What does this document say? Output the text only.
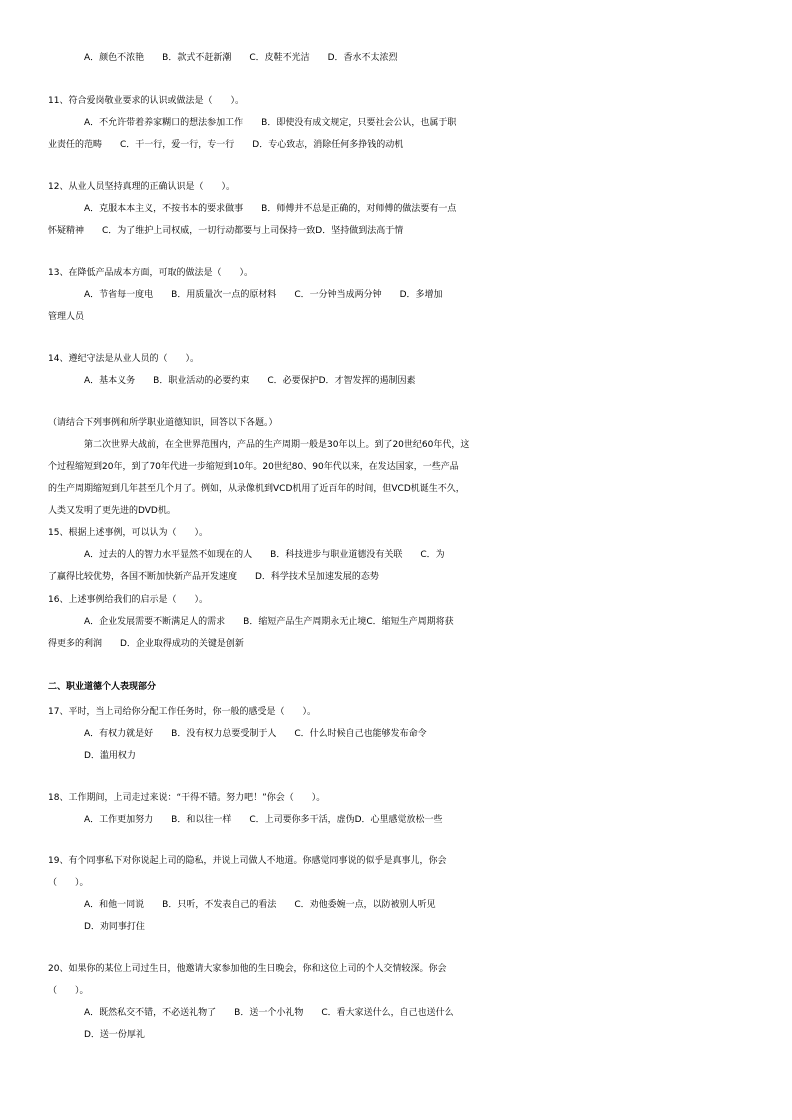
A．颜色不浓艳　　B．款式不赶新潮　　C．皮鞋不光洁　　D．香水不太浓烈
11、符合爱岗敬业要求的认识或做法是（　　）。
A．不允许带着养家糊口的想法参加工作　　B．即使没有成文规定，只要社会公认，也属于职
业责任的范畴　　C．干一行，爱一行，专一行　　D．专心致志，消除任何多挣钱的动机
12、从业人员坚持真理的正确认识是（　　）。
A．克服本本主义，不按书本的要求做事　　B．师傅并不总是正确的，对师傅的做法要有一点
怀疑精神　　C．为了维护上司权威，一切行动都要与上司保持一致D．坚持做到法高于情
13、在降低产品成本方面，可取的做法是（　　）。
A．节省每一度电　　B．用质量次一点的原材料　　C．一分钟当成两分钟　　D．多增加
管理人员
14、遵纪守法是从业人员的（　　）。
A．基本义务　　B．职业活动的必要约束　　C．必要保护D．才智发挥的遏制因素
（请结合下列事例和所学职业道德知识，回答以下各题。）
第二次世界大战前，在全世界范围内，产品的生产周期一般是30年以上。到了20世纪60年代，这
个过程缩短到20年，到了70年代进一步缩短到10年。20世纪80、90年代以来，在发达国家，一些产品
的生产周期缩短到几年甚至几个月了。例如，从录像机到VCD机用了近百年的时间，但VCD机诞生不久，
人类又发明了更先进的DVD机。
15、根据上述事例，可以认为（　　）。
A．过去的人的智力水平显然不如现在的人　　B．科技进步与职业道德没有关联　　C．为
了赢得比较优势，各国不断加快新产品开发速度　　D．科学技术呈加速发展的态势
16、上述事例给我们的启示是（　　）。
A．企业发展需要不断满足人的需求　　B．缩短产品生产周期永无止境C．缩短生产周期将获
得更多的利润　　D．企业取得成功的关键是创新
二、职业道德个人表现部分
17、平时，当上司给你分配工作任务时，你一般的感受是（　　）。
A．有权力就是好　　B．没有权力总要受制于人　　C．什么时候自己也能够发布命令
D．滥用权力
18、工作期间，上司走过来说：“干得不错。努力吧！”你会（　　）。
A．工作更加努力　　B．和以往一样　　C．上司要你多干活，虚伪D．心里感觉放松一些
19、有个同事私下对你说起上司的隐私，并说上司做人不地道。你感觉同事说的似乎是真事儿，你会
（　　）。
A．和他一同说　　B．只听，不发表自己的看法　　C．劝他委婉一点，以防被别人听见
D．劝同事打住
20、如果你的某位上司过生日，他邀请大家参加他的生日晚会，你和这位上司的个人交情较深。你会
（　　）。
A．既然私交不错，不必送礼物了　　B．送一个小礼物　　C．看大家送什么，自己也送什么
D．送一份厚礼
